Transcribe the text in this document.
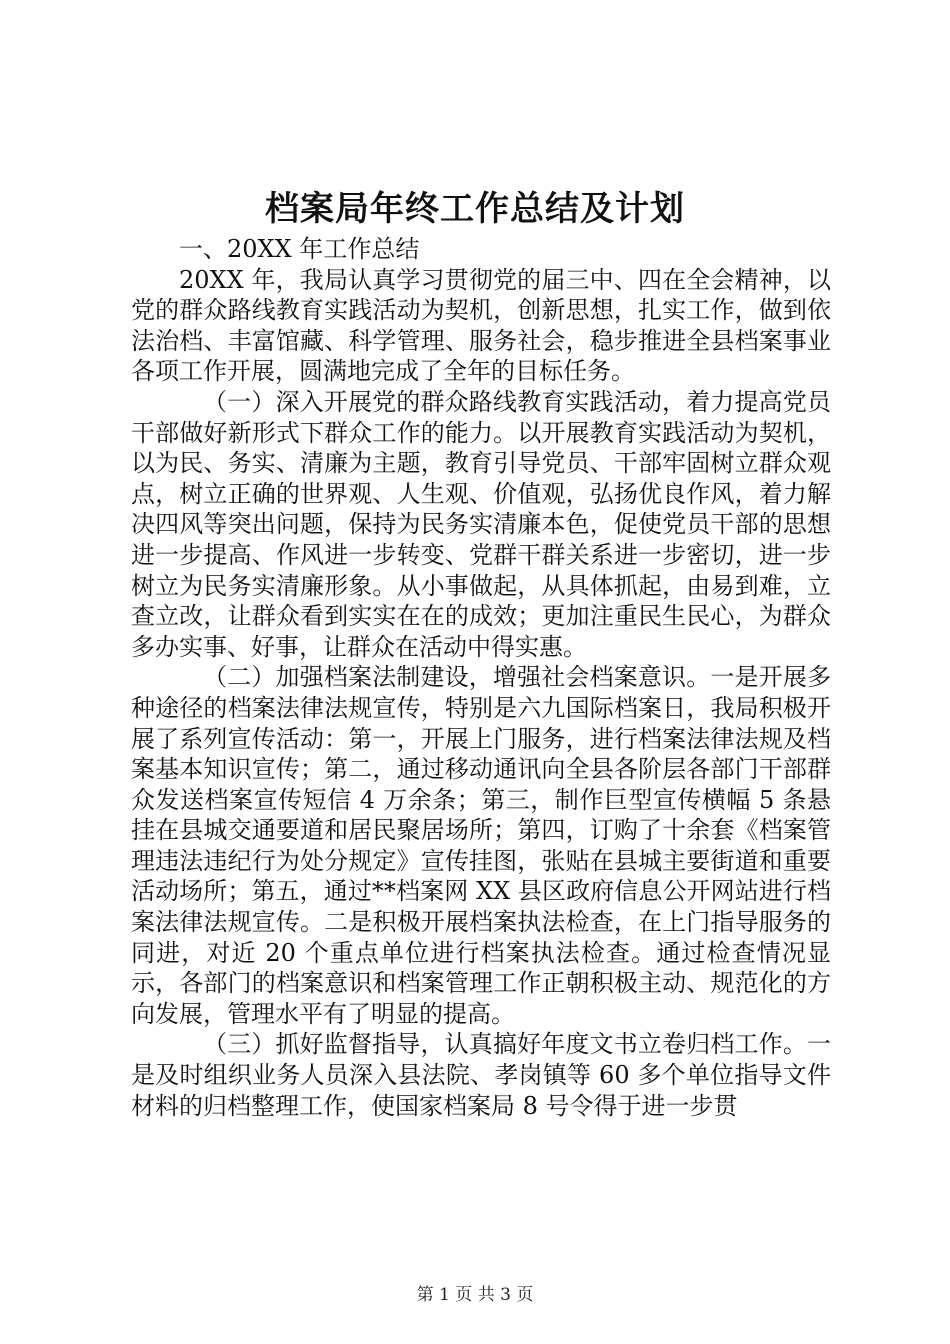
档案局年终工作总结及计划

一、20XX 年工作总结

20XX 年，我局认真学习贯彻党的届三中、四在全会精神，以党的群众路线教育实践活动为契机，创新思想，扎实工作，做到依法治档、丰富馆藏、科学管理、服务社会，稳步推进全县档案事业各项工作开展，圆满地完成了全年的目标任务。

（一）深入开展党的群众路线教育实践活动，着力提高党员干部做好新形式下群众工作的能力。以开展教育实践活动为契机，以为民、务实、清廉为主题，教育引导党员、干部牢固树立群众观点，树立正确的世界观、人生观、价值观，弘扬优良作风，着力解决四风等突出问题，保持为民务实清廉本色，促使党员干部的思想进一步提高、作风进一步转变、党群干群关系进一步密切，进一步树立为民务实清廉形象。从小事做起，从具体抓起，由易到难，立查立改，让群众看到实实在在的成效；更加注重民生民心，为群众多办实事、好事，让群众在活动中得实惠。

（二）加强档案法制建设，增强社会档案意识。一是开展多种途径的档案法律法规宣传，特别是六九国际档案日，我局积极开展了系列宣传活动：第一，开展上门服务，进行档案法律法规及档案基本知识宣传；第二，通过移动通讯向全县各阶层各部门干部群众发送档案宣传短信 4 万余条；第三，制作巨型宣传横幅 5 条悬挂在县城交通要道和居民聚居场所；第四，订购了十余套《档案管理违法违纪行为处分规定》宣传挂图，张贴在县城主要街道和重要活动场所；第五，通过**档案网 XX 县区政府信息公开网站进行档案法律法规宣传。二是积极开展档案执法检查，在上门指导服务的同进，对近 20 个重点单位进行档案执法检查。通过检查情况显示，各部门的档案意识和档案管理工作正朝积极主动、规范化的方向发展，管理水平有了明显的提高。

（三）抓好监督指导，认真搞好年度文书立卷归档工作。一是及时组织业务人员深入县法院、孝岗镇等 60 多个单位指导文件材料的归档整理工作，使国家档案局 8 号令得于进一步贯

第 1 页 共 3 页
